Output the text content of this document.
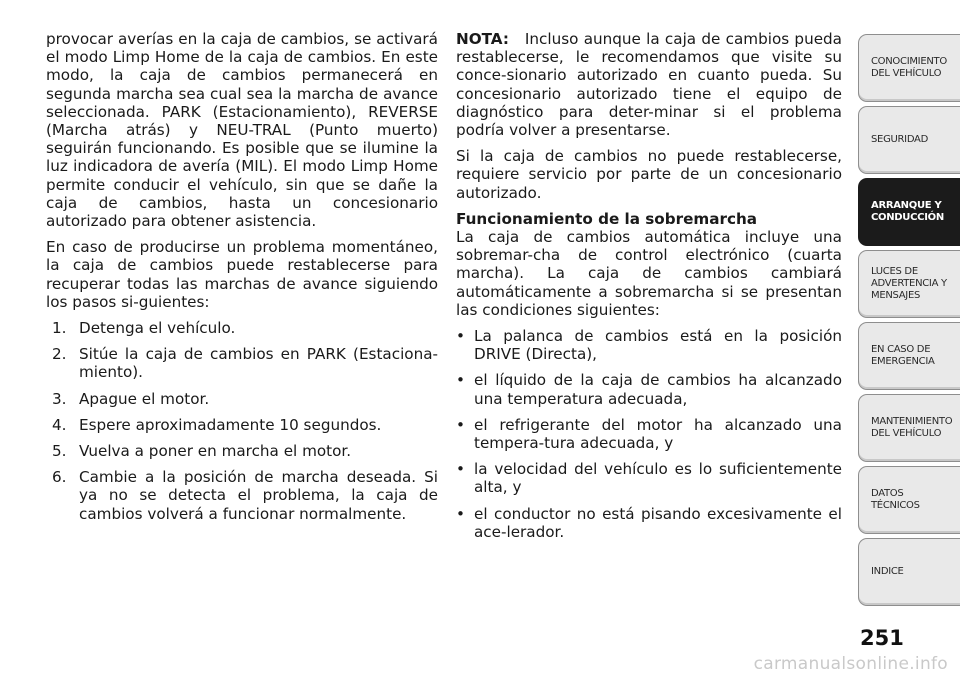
provocar averías en la caja de cambios, se activará el modo Limp Home de la caja de cambios. En este modo, la caja de cambios permanecerá en segunda marcha sea cual sea la marcha de avance seleccionada. PARK (Estacionamiento), REVERSE (Marcha atrás) y NEU-TRAL (Punto muerto) seguirán funcionando. Es posible que se ilumine la luz indicadora de avería (MIL). El modo Limp Home permite conducir el vehículo, sin que se dañe la caja de cambios, hasta un concesionario autorizado para obtener asistencia.

En caso de producirse un problema momentáneo, la caja de cambios puede restablecerse para recuperar todas las marchas de avance siguiendo los pasos si-guientes:

1. Detenga el vehículo.
2. Sitúe la caja de cambios en PARK (Estaciona-miento).
3. Apague el motor.
4. Espere aproximadamente 10 segundos.
5. Vuelva a poner en marcha el motor.
6. Cambie a la posición de marcha deseada. Si ya no se detecta el problema, la caja de cambios volverá a funcionar normalmente.

NOTA: Incluso aunque la caja de cambios pueda restablecerse, le recomendamos que visite su conce-sionario autorizado en cuanto pueda. Su concesionario autorizado tiene el equipo de diagnóstico para deter-minar si el problema podría volver a presentarse.

Si la caja de cambios no puede restablecerse, requiere servicio por parte de un concesionario autorizado.

Funcionamiento de la sobremarcha

La caja de cambios automática incluye una sobremar-cha de control electrónico (cuarta marcha). La caja de cambios cambiará automáticamente a sobremarcha si se presentan las condiciones siguientes:

• La palanca de cambios está en la posición DRIVE (Directa),
• el líquido de la caja de cambios ha alcanzado una temperatura adecuada,
• el refrigerante del motor ha alcanzado una tempera-tura adecuada, y
• la velocidad del vehículo es lo suficientemente alta, y
• el conductor no está pisando excesivamente el ace-lerador.
CONOCIMIENTO
DEL VEHÍCULO
SEGURIDAD
ARRANQUE Y
CONDUCCIÓN
LUCES DE
ADVERTENCIA Y
MENSAJES
EN CASO DE
EMERGENCIA
MANTENIMIENTO
DEL VEHÍCULO
DATOS
TÉCNICOS
INDICE
251
carmanualsonline.info
